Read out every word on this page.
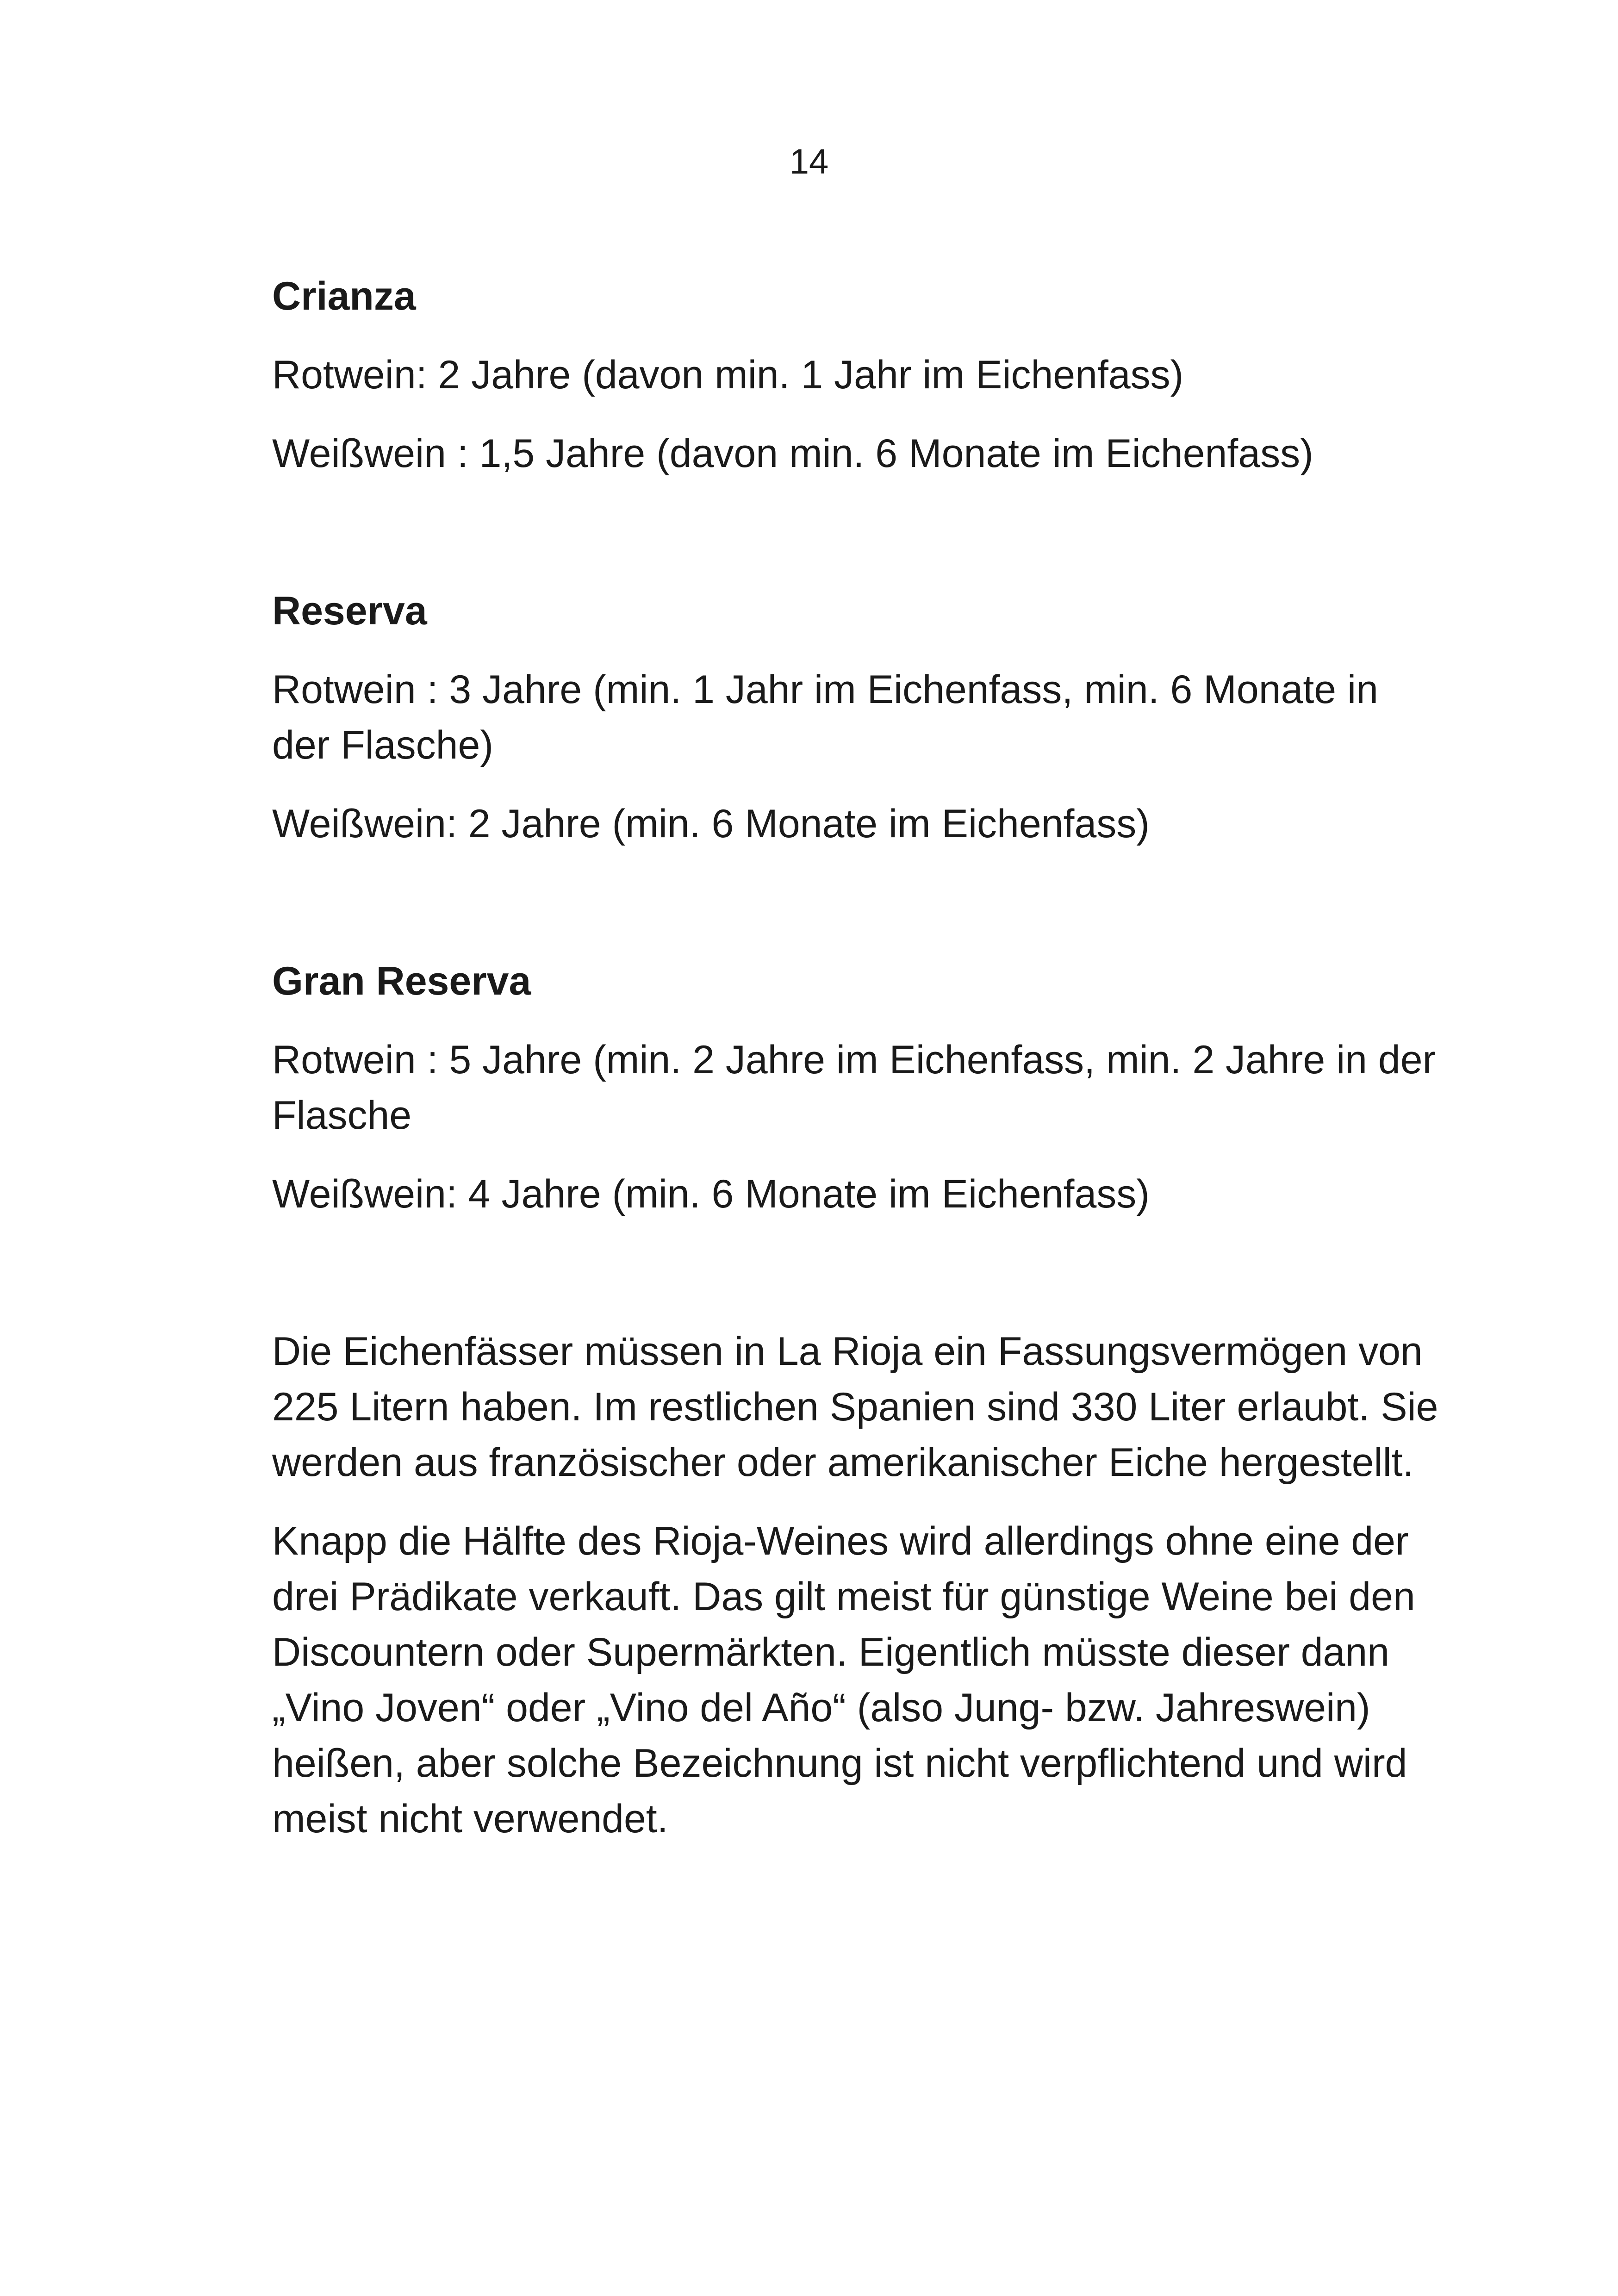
14

Crianza

Rotwein: 2 Jahre (davon min. 1 Jahr im Eichenfass)

Weißwein : 1,5 Jahre (davon min. 6 Monate im Eichenfass)

Reserva

Rotwein : 3 Jahre (min. 1 Jahr im Eichenfass, min. 6 Monate in der Flasche)

Weißwein: 2 Jahre (min. 6 Monate im Eichenfass)

Gran Reserva

Rotwein : 5 Jahre (min. 2 Jahre im Eichenfass, min. 2 Jahre in der Flasche

Weißwein: 4 Jahre (min. 6 Monate im Eichenfass)

Die Eichenfässer müssen in La Rioja ein Fassungsvermögen von 225 Litern haben. Im restlichen Spanien sind 330 Liter erlaubt. Sie werden aus französischer oder amerikanischer Eiche hergestellt.

Knapp die Hälfte des Rioja-Weines wird allerdings ohne eine der drei Prädikate verkauft. Das gilt meist für günstige Weine bei den Discountern oder Supermärkten. Eigentlich müsste dieser dann „Vino Joven“ oder „Vino del Año“ (also Jung- bzw. Jahreswein) heißen, aber solche Bezeichnung ist nicht verpflichtend und wird meist nicht verwendet.
